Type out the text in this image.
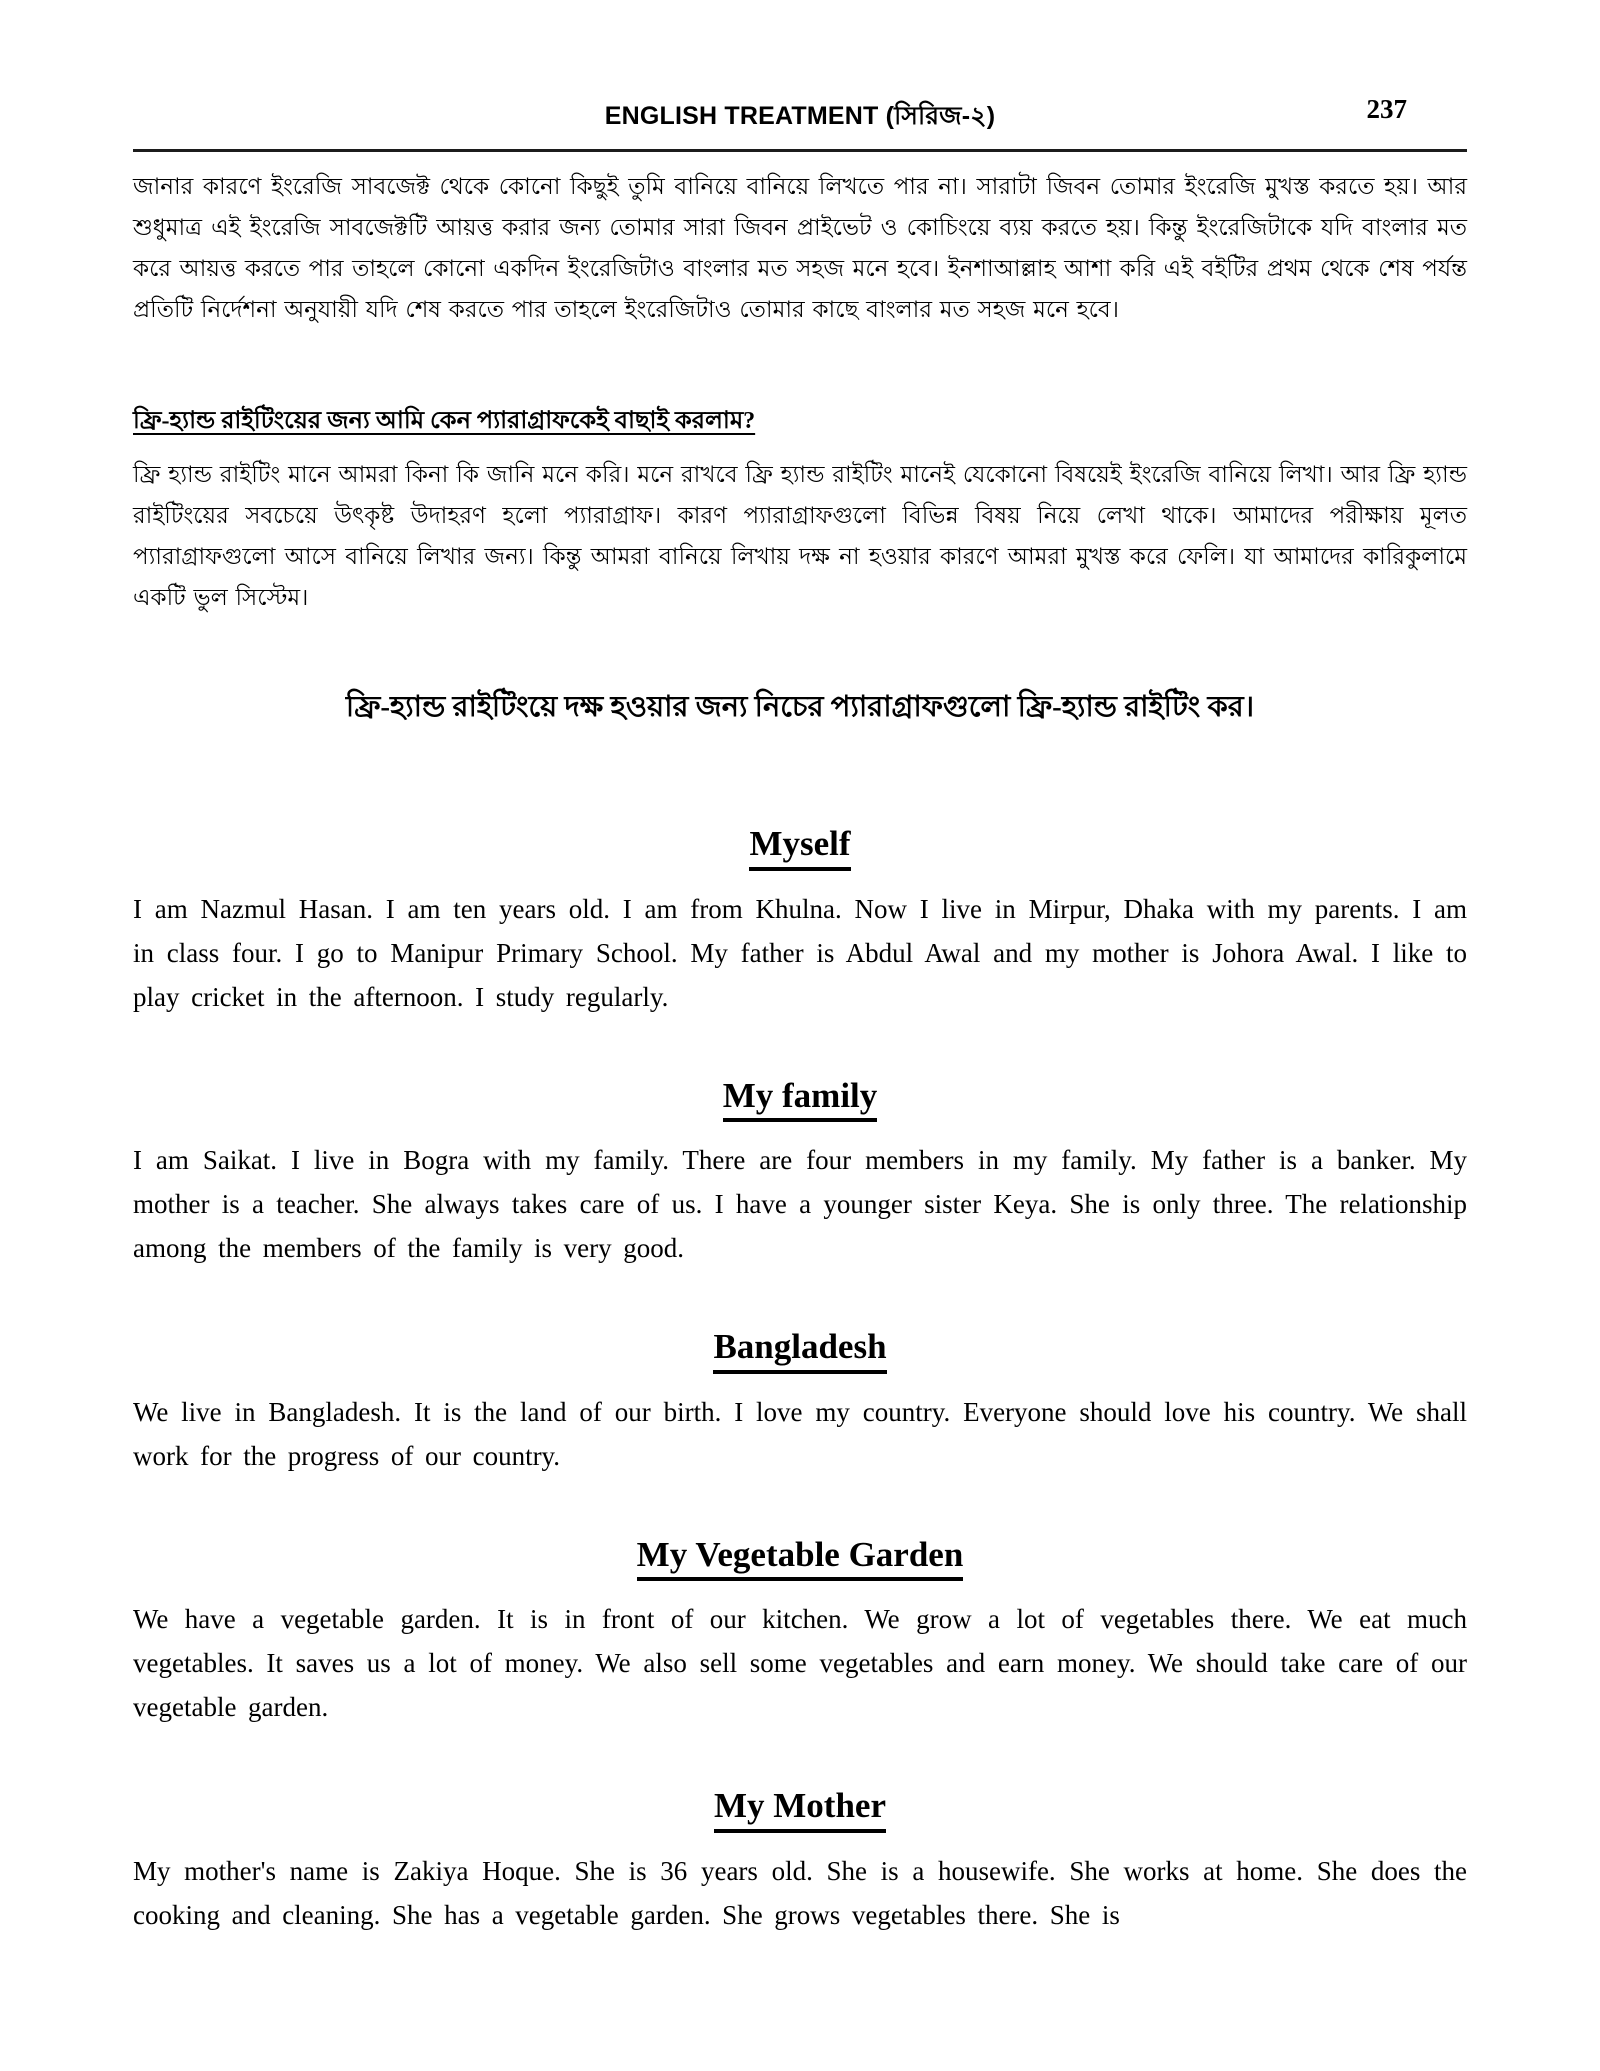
ENGLISH TREATMENT (সিরিজ-২)	237

জানার কারণে ইংরেজি সাবজেক্ট থেকে কোনো কিছুই তুমি বানিয়ে বানিয়ে লিখতে পার না। সারাটা জিবন তোমার ইংরেজি মুখস্ত করতে হয়। আর শুধুমাত্র এই ইংরেজি সাবজেক্টটি আয়ত্ত করার জন্য তোমার সারা জিবন প্রাইভেট ও কোচিংয়ে ব্যয় করতে হয়। কিন্তু ইংরেজিটাকে যদি বাংলার মত করে আয়ত্ত করতে পার তাহলে কোনো একদিন ইংরেজিটাও বাংলার মত সহজ মনে হবে। ইনশাআল্লাহ আশা করি এই বইটির প্রথম থেকে শেষ পর্যন্ত প্রতিটি নির্দেশনা অনুযায়ী যদি শেষ করতে পার তাহলে ইংরেজিটাও তোমার কাছে বাংলার মত সহজ মনে হবে।

ফ্রি-হ্যান্ড রাইটিংয়ের জন্য আমি কেন প্যারাগ্রাফকেই বাছাই করলাম?

ফ্রি হ্যান্ড রাইটিং মানে আমরা কিনা কি জানি মনে করি। মনে রাখবে ফ্রি হ্যান্ড রাইটিং মানেই যেকোনো বিষয়েই ইংরেজি বানিয়ে লিখা। আর ফ্রি হ্যান্ড রাইটিংয়ের সবচেয়ে উৎকৃষ্ট উদাহরণ হলো প্যারাগ্রাফ। কারণ প্যারাগ্রাফগুলো বিভিন্ন বিষয় নিয়ে লেখা থাকে। আমাদের পরীক্ষায় মূলত প্যারাগ্রাফগুলো আসে বানিয়ে লিখার জন্য। কিন্তু আমরা বানিয়ে লিখায় দক্ষ না হওয়ার কারণে আমরা মুখস্ত করে ফেলি। যা আমাদের কারিকুলামে একটি ভুল সিস্টেম।

ফ্রি-হ্যান্ড রাইটিংয়ে দক্ষ হওয়ার জন্য নিচের প্যারাগ্রাফগুলো ফ্রি-হ্যান্ড রাইটিং কর।
Myself

I am Nazmul Hasan. I am ten years old. I am from Khulna. Now I live in Mirpur, Dhaka with my parents. I am in class four. I go to Manipur Primary School. My father is Abdul Awal and my mother is Johora Awal. I like to play cricket in the afternoon. I study regularly.

My family

I am Saikat. I live in Bogra with my family. There are four members in my family. My father is a banker. My mother is a teacher. She always takes care of us. I have a younger sister Keya. She is only three. The relationship among the members of the family is very good.

Bangladesh

We live in Bangladesh. It is the land of our birth. I love my country. Everyone should love his country. We shall work for the progress of our country.

My Vegetable Garden

We have a vegetable garden. It is in front of our kitchen. We grow a lot of vegetables there. We eat much vegetables. It saves us a lot of money. We also sell some vegetables and earn money. We should take care of our vegetable garden.

My Mother

My mother's name is Zakiya Hoque. She is 36 years old. She is a housewife. She works at home. She does the cooking and cleaning. She has a vegetable garden. She grows vegetables there. She is
